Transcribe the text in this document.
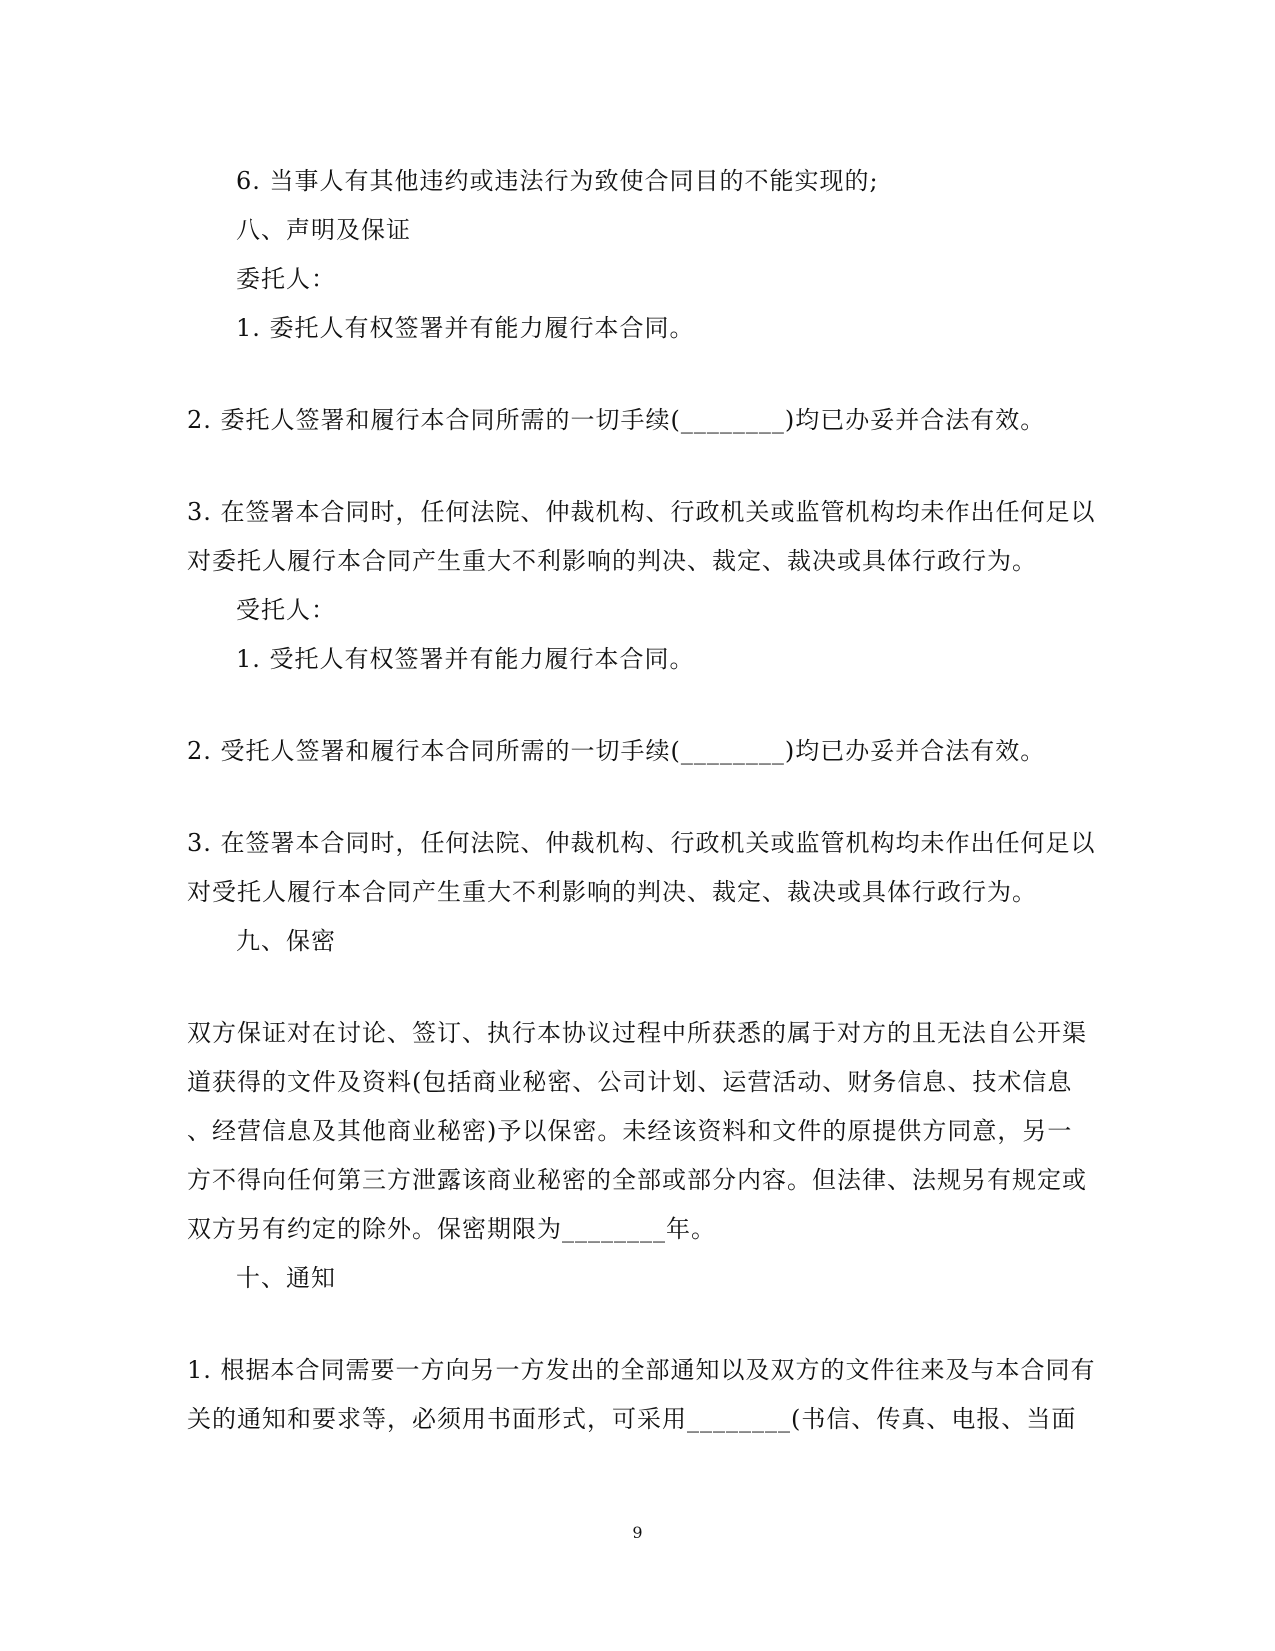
6. 当事人有其他违约或违法行为致使合同目的不能实现的;
八、声明及保证
委托人：
1. 委托人有权签署并有能力履行本合同。
2. 委托人签署和履行本合同所需的一切手续(________)均已办妥并合法有效。
3. 在签署本合同时，任何法院、仲裁机构、行政机关或监管机构均未作出任何足以
对委托人履行本合同产生重大不利影响的判决、裁定、裁决或具体行政行为。
受托人：
1. 受托人有权签署并有能力履行本合同。
2. 受托人签署和履行本合同所需的一切手续(________)均已办妥并合法有效。
3. 在签署本合同时，任何法院、仲裁机构、行政机关或监管机构均未作出任何足以
对受托人履行本合同产生重大不利影响的判决、裁定、裁决或具体行政行为。
九、保密
双方保证对在讨论、签订、执行本协议过程中所获悉的属于对方的且无法自公开渠
道获得的文件及资料(包括商业秘密、公司计划、运营活动、财务信息、技术信息
、经营信息及其他商业秘密)予以保密。未经该资料和文件的原提供方同意，另一
方不得向任何第三方泄露该商业秘密的全部或部分内容。但法律、法规另有规定或
双方另有约定的除外。保密期限为________年。
十、通知
1. 根据本合同需要一方向另一方发出的全部通知以及双方的文件往来及与本合同有
关的通知和要求等，必须用书面形式，可采用________(书信、传真、电报、当面
9
